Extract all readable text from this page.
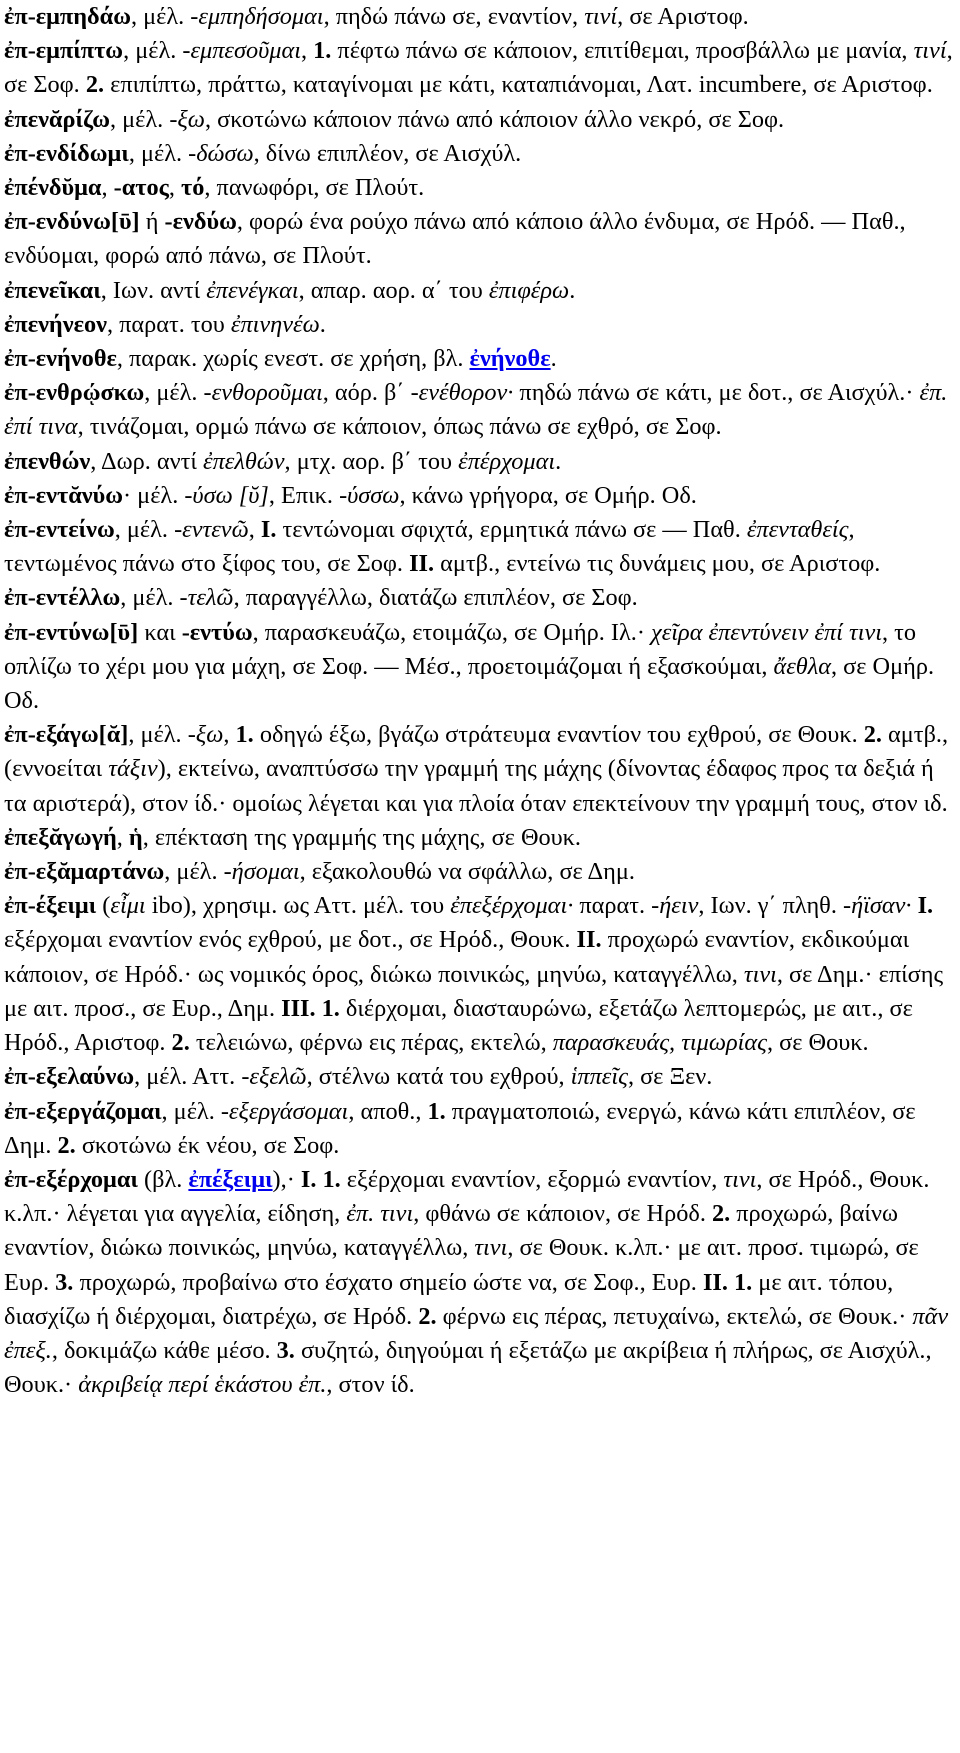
ἐπ-εμπηδάω, μέλ. -εμπηδήσομαι, πηδώ πάνω σε, εναντίον, τινί, σε Αριστοφ.

ἐπ-εμπίπτω, μέλ. -εμπεσοῦμαι, 1. πέφτω πάνω σε κάποιον, επιτίθεμαι, προσβάλλω με μανία, τινί, σε Σοφ. 2. επιπίπτω, πράττω, καταγίνομαι με κάτι, καταπιάνομαι, Λατ. incumbere, σε Αριστοφ.

ἐπενᾰρίζω, μέλ. -ξω, σκοτώνω κάποιον πάνω από κάποιον άλλο νεκρό, σε Σοφ.

ἐπ-ενδίδωμι, μέλ. -δώσω, δίνω επιπλέον, σε Αισχύλ.

ἐπένδῠμα, -ατος, τό, πανωφόρι, σε Πλούτ.

ἐπ-ενδύνω[ῡ] ή -ενδύω, φορώ ένα ρούχο πάνω από κάποιο άλλο ένδυμα, σε Ηρόδ. — Παθ., ενδύομαι, φορώ από πάνω, σε Πλούτ.

ἐπενεῖκαι, Ιων. αντί ἐπενέγκαι, απαρ. αορ. α΄ του ἐπιφέρω.

ἐπενήνεον, παρατ. του ἐπινηνέω.

ἐπ-ενήνοθε, παρακ. χωρίς ενεστ. σε χρήση, βλ. ἐνήνοθε.

ἐπ-ενθρῴσκω, μέλ. -ενθοροῦμαι, αόρ. β΄ -ενέθορον· πηδώ πάνω σε κάτι, με δοτ., σε Αισχύλ.· ἐπ. ἐπί τινα, τινάζομαι, ορμώ πάνω σε κάποιον, όπως πάνω σε εχθρό, σε Σοφ.

ἐπενθών, Δωρ. αντί ἐπελθών, μτχ. αορ. β΄ του ἐπέρχομαι.

ἐπ-εντᾰνύω· μέλ. -ύσω [ῠ], Επικ. -ύσσω, κάνω γρήγορα, σε Ομήρ. Οδ.

ἐπ-εντείνω, μέλ. -εντενῶ, I. τεντώνομαι σφιχτά, ερμητικά πάνω σε — Παθ. ἐπενταθείς, τεντωμένος πάνω στο ξίφος του, σε Σοφ. II. αμτβ., εντείνω τις δυνάμεις μου, σε Αριστοφ.

ἐπ-εντέλλω, μέλ. -τελῶ, παραγγέλλω, διατάζω επιπλέον, σε Σοφ.

ἐπ-εντύνω[ῡ] και -εντύω, παρασκευάζω, ετοιμάζω, σε Ομήρ. Ιλ.· χεῖρα ἐπεντύνειν ἐπί τινι, το οπλίζω το χέρι μου για μάχη, σε Σοφ. — Μέσ., προετοιμάζομαι ή εξασκούμαι, ἄεθλα, σε Ομήρ. Οδ.

ἐπ-εξάγω[ᾰ], μέλ. -ξω, 1. οδηγώ έξω, βγάζω στράτευμα εναντίον του εχθρού, σε Θουκ. 2. αμτβ., (εννοείται τάξιν), εκτείνω, αναπτύσσω την γραμμή της μάχης (δίνοντας έδαφος προς τα δεξιά ή τα αριστερά), στον ίδ.· ομοίως λέγεται και για πλοία όταν επεκτείνουν την γραμμή τους, στον ιδ.

ἐπεξᾰγωγή, ἡ, επέκταση της γραμμής της μάχης, σε Θουκ.

ἐπ-εξᾰμαρτάνω, μέλ. -ήσομαι, εξακολουθώ να σφάλλω, σε Δημ.

ἐπ-έξειμι (εἶμι ibo), χρησιμ. ως Αττ. μέλ. του ἐπεξέρχομαι· παρατ. -ήειν, Ιων. γ΄ πληθ. -ήϊσαν· I. εξέρχομαι εναντίον ενός εχθρού, με δοτ., σε Ηρόδ., Θουκ. II. προχωρώ εναντίον, εκδικούμαι κάποιον, σε Ηρόδ.· ως νομικός όρος, διώκω ποινικώς, μηνύω, καταγγέλλω, τινι, σε Δημ.· επίσης με αιτ. προσ., σε Ευρ., Δημ. III. 1. διέρχομαι, διασταυρώνω, εξετάζω λεπτομερώς, με αιτ., σε Ηρόδ., Αριστοφ. 2. τελειώνω, φέρνω εις πέρας, εκτελώ, παρασκευάς, τιμωρίας, σε Θουκ.

ἐπ-εξελαύνω, μέλ. Αττ. -εξελῶ, στέλνω κατά του εχθρού, ἱππεῖς, σε Ξεν.

ἐπ-εξεργάζομαι, μέλ. -εξεργάσομαι, αποθ., 1. πραγματοποιώ, ενεργώ, κάνω κάτι επιπλέον, σε Δημ. 2. σκοτώνω έκ νέου, σε Σοφ.

ἐπ-εξέρχομαι (βλ. ἐπέξειμι),· I. 1. εξέρχομαι εναντίον, εξορμώ εναντίον, τινι, σε Ηρόδ., Θουκ. κ.λπ.· λέγεται για αγγελία, είδηση, ἐπ. τινι, φθάνω σε κάποιον, σε Ηρόδ. 2. προχωρώ, βαίνω εναντίον, διώκω ποινικώς, μηνύω, καταγγέλλω, τινι, σε Θουκ. κ.λπ.· με αιτ. προσ. τιμωρώ, σε Ευρ. 3. προχωρώ, προβαίνω στο έσχατο σημείο ώστε να, σε Σοφ., Ευρ. II. 1. με αιτ. τόπου, διασχίζω ή διέρχομαι, διατρέχω, σε Ηρόδ. 2. φέρνω εις πέρας, πετυχαίνω, εκτελώ, σε Θουκ.· πᾶν ἐπεξ., δοκιμάζω κάθε μέσο. 3. συζητώ, διηγούμαι ή εξετάζω με ακρίβεια ή πλήρως, σε Αισχύλ., Θουκ.· ἀκριβείᾳ περί ἑκάστου ἐπ., στον ίδ.
